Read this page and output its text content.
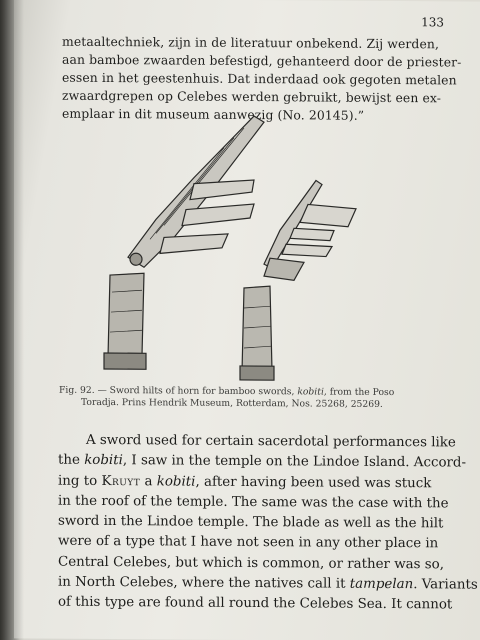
133
metaaltechniek, zijn in de literatuur onbekend. Zij werden,
aan bamboe zwaarden befestigd, gehanteerd door de priester-
essen in het geestenhuis. Dat inderdaad ook gegoten metalen
zwaardgrepen op Celebes werden gebruikt, bewijst een ex-
emplaar in dit museum aanwezig (No. 20145).”
Fig. 92. — Sword hilts of horn for bamboo swords, kobiti, from the Poso
Toradja. Prins Hendrik Museum, Rotterdam, Nos. 25268, 25269.
A sword used for certain sacerdotal performances like
the kobiti, I saw in the temple on the Lindoe Island. Accord-
ing to Kruyt a kobiti, after having been used was stuck
in the roof of the temple. The same was the case with the
sword in the Lindoe temple. The blade as well as the hilt
were of a type that I have not seen in any other place in
Central Celebes, but which is common, or rather was so,
in North Celebes, where the natives call it tampelan. Variants
of this type are found all round the Celebes Sea. It cannot
